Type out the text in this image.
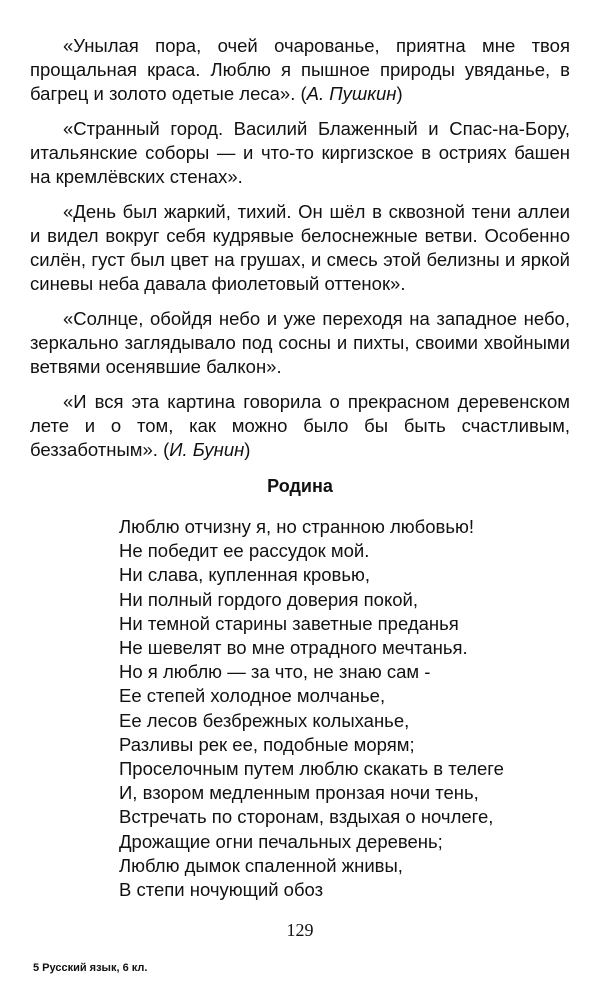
«Унылая пора, очей очарованье, приятна мне твоя прощальная краса. Люблю я пышное природы увяданье, в багрец и золото одетые леса». (А. Пушкин)

«Странный город. Василий Блаженный и Спас-на-Бору, итальянские соборы — и что-то киргизское в остриях башен на кремлёвских стенах».

«День был жаркий, тихий. Он шёл в сквозной тени аллеи и видел вокруг себя кудрявые белоснежные ветви. Особенно силён, густ был цвет на грушах, и смесь этой белизны и яркой синевы неба давала фиолетовый оттенок».

«Солнце, обойдя небо и уже переходя на западное небо, зеркально заглядывало под сосны и пихты, своими хвойными ветвями осенявшие балкон».

«И вся эта картина говорила о прекрасном деревенском лете и о том, как можно было бы быть счастливым, беззаботным». (И. Бунин)

Родина
Люблю отчизну я, но странною любовью!
Не победит ее рассудок мой.
Ни слава, купленная кровью,
Ни полный гордого доверия покой,
Ни темной старины заветные преданья
Не шевелят во мне отрадного мечтанья.
Но я люблю — за что, не знаю сам -
Ее степей холодное молчанье,
Ее лесов безбрежных колыханье,
Разливы рек ее, подобные морям;
Проселочным путем люблю скакать в телеге
И, взором медленным пронзая ночи тень,
Встречать по сторонам, вздыхая о ночлеге,
Дрожащие огни печальных деревень;
Люблю дымок спаленной жнивы,
В степи ночующий обоз
129
5 Русский язык, 6 кл.
